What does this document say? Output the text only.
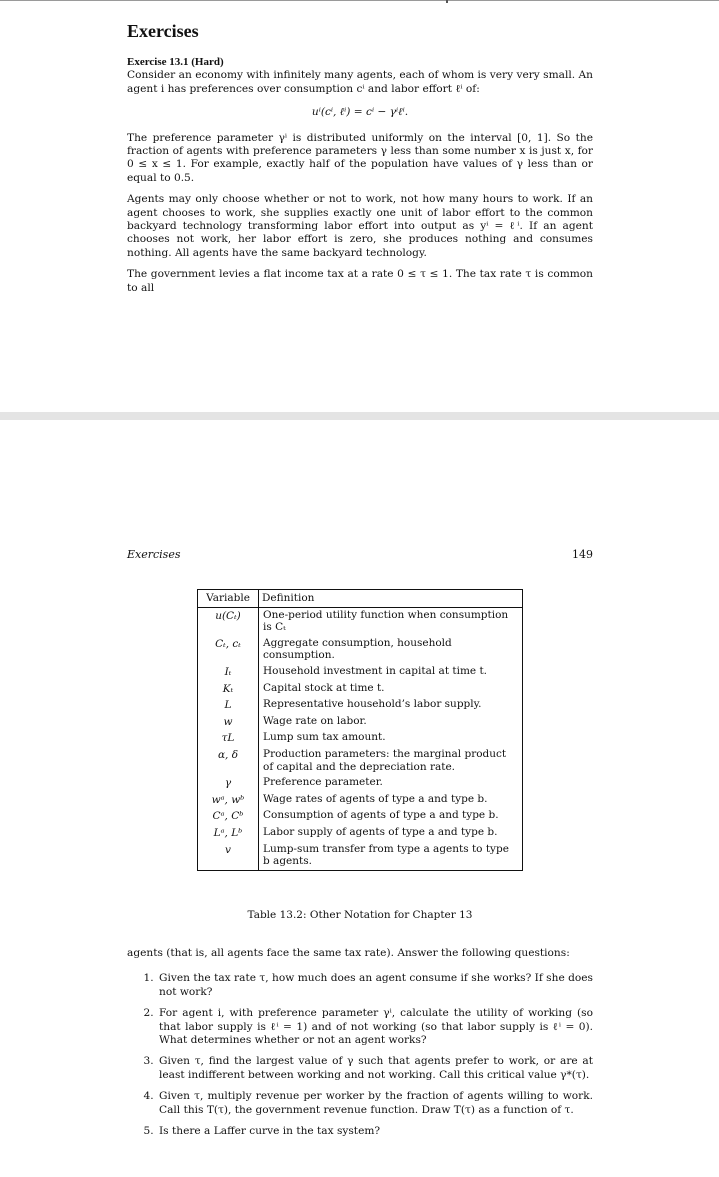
Exercises
Exercise 13.1 (Hard)

Consider an economy with infinitely many agents, each of whom is very very small. An agent i has preferences over consumption cⁱ and labor effort ℓⁱ of:

uⁱ(cⁱ, ℓⁱ) = cⁱ − γⁱℓⁱ.

The preference parameter γⁱ is distributed uniformly on the interval [0, 1]. So the fraction of agents with preference parameters γ less than some number x is just x, for 0 ≤ x ≤ 1. For example, exactly half of the population have values of γ less than or equal to 0.5.

Agents may only choose whether or not to work, not how many hours to work. If an agent chooses to work, she supplies exactly one unit of labor effort to the common backyard technology transforming labor effort into output as yⁱ = ℓⁱ. If an agent chooses not work, her labor effort is zero, she produces nothing and consumes nothing. All agents have the same backyard technology.

The government levies a flat income tax at a rate 0 ≤ τ ≤ 1. The tax rate τ is common to all

Exercises	149
Variable	Definition
u(Cₜ)	One-period utility function when consumption is Cₜ
Cₜ, cₜ	Aggregate consumption, household consumption.
Iₜ	Household investment in capital at time t.
Kₜ	Capital stock at time t.
L	Representative household’s labor supply.
w	Wage rate on labor.
τL	Lump sum tax amount.
α, δ	Production parameters: the marginal product of capital and the depreciation rate.
γ	Preference parameter.
wᵃ, wᵇ	Wage rates of agents of type a and type b.
Cᵃ, Cᵇ	Consumption of agents of type a and type b.
Lᵃ, Lᵇ	Labor supply of agents of type a and type b.
v	Lump-sum transfer from type a agents to type b agents.
Table 13.2: Other Notation for Chapter 13

agents (that is, all agents face the same tax rate). Answer the following questions:

1. Given the tax rate τ, how much does an agent consume if she works? If she does not work?
2. For agent i, with preference parameter γⁱ, calculate the utility of working (so that labor supply is ℓⁱ = 1) and of not working (so that labor supply is ℓⁱ = 0). What determines whether or not an agent works?
3. Given τ, find the largest value of γ such that agents prefer to work, or are at least indifferent between working and not working. Call this critical value γ*(τ).
4. Given τ, multiply revenue per worker by the fraction of agents willing to work. Call this T(τ), the government revenue function. Draw T(τ) as a function of τ.
5. Is there a Laffer curve in the tax system?
